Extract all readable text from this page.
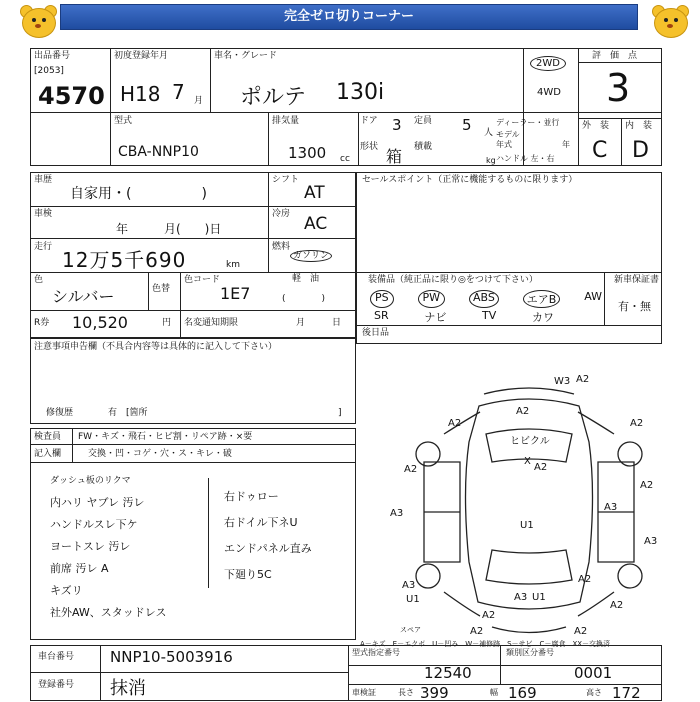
完全ゼロ切りコーナー
出品番号
[2053]
4570
初度登録年月
H18 7 月
車名・グレード
ポルテ 130i
2WD
4WD
評　価　点
3
型式
CBA-NNP10
排気量
1300 cc
ドア 3 定員 5 人
形状 箱 積載
kg
ディーラー・並行
モデル年式	年
ハンドル 左・右
外　装 内　装
C D
車歴
自家用・(　　　　　)
シフト
AT
車検
年　　　月(　　)日
冷房 AC
走行
12万5千690	km
燃料
ガソリン
軽　油
(　　　　)
色
シルバー	色替
色コード
1E7
R券 10,520	円 名変通知期限	月　　　日
注意事項申告欄（不具合内容等は具体的に記入して下さい）
修復歴	有　[箇所	]
セールスポイント（正常に機能するものに限ります）
装備品（純正品に限り◎をつけて下さい）	新車保証書
有・無
PS	PW	ABS	エアB	AW
SR	ナビ	TV	カワ
後日品
検査員
記入欄
FW・キズ・飛石・ヒビ割・リペア跡・×要
交換・凹・コゲ・穴・ス・キレ・破
ダッシュ板のリクマ
内ハリ ヤブレ 汚レ
ハンドルスレ下ケ
ヨートスレ 汚レ
前席 汚レ A
キズリ
社外AW、スタッドレス
右ドゥロー
右ドイル下ネU
エンドパネル直み
下廻り5C
W3 A2
A2
ヒビクル
A2
X
A2
A2
A3
U1
A3
A3
A3
U1	A3 U1
スペア
A2
A2	A2
A2
A2
A2
A2
A－キズ　E－エクボ　U－凹み　W－補修跡　S－サビ　C－腐食　XX－交換済
車台番号 NNP10-5003916
登録番号 抹消
型式指定番号
12540
類別区分番号
0001
車検証	長さ 399	幅 169	高さ 172
